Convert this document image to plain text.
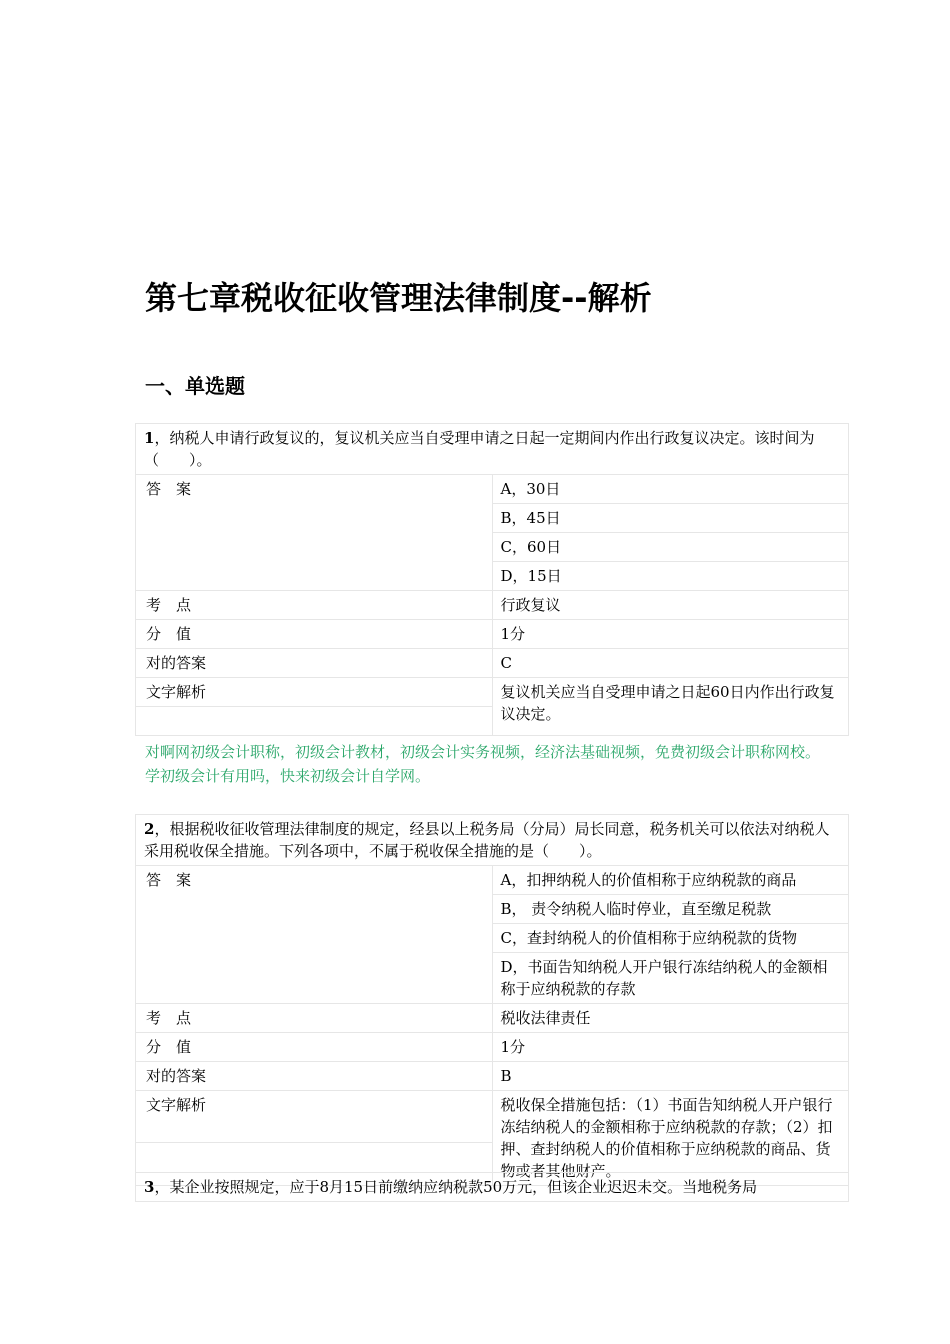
第七章税收征收管理法律制度--解析
一、单选题
1，纳税人申请行政复议的，复议机关应当自受理申请之日起一定期间内作出行政复议决定。该时间为（　　）。	
答　案	A，30日
	B，45日
	C，60日
	D，15日
考　点	行政复议
分　值	1分
对的答案	C
文字解析	复议机关应当自受理申请之日起60日内作出行政复议决定。

对啊网初级会计职称，初级会计教材，初级会计实务视频，经济法基础视频，免费初级会计职称网校。

学初级会计有用吗，快来初级会计自学网。

2，根据税收征收管理法律制度的规定，经县以上税务局（分局）局长同意，税务机关可以依法对纳税人采用税收保全措施。下列各项中，不属于税收保全措施的是（　　）。	
答　案	A，扣押纳税人的价值相称于应纳税款的商品
	B， 责令纳税人临时停业，直至缴足税款
	C，查封纳税人的价值相称于应纳税款的货物
	D，书面告知纳税人开户银行冻结纳税人的金额相称于应纳税款的存款
考　点	税收法律责任
分　值	1分
对的答案	B
文字解析	税收保全措施包括：（1）书面告知纳税人开户银行冻结纳税人的金额相称于应纳税款的存款；（2）扣押、查封纳税人的价值相称于应纳税款的商品、货物或者其他财产。

3，某企业按照规定，应于8月15日前缴纳应纳税款50万元，但该企业迟迟未交。当地税务局
